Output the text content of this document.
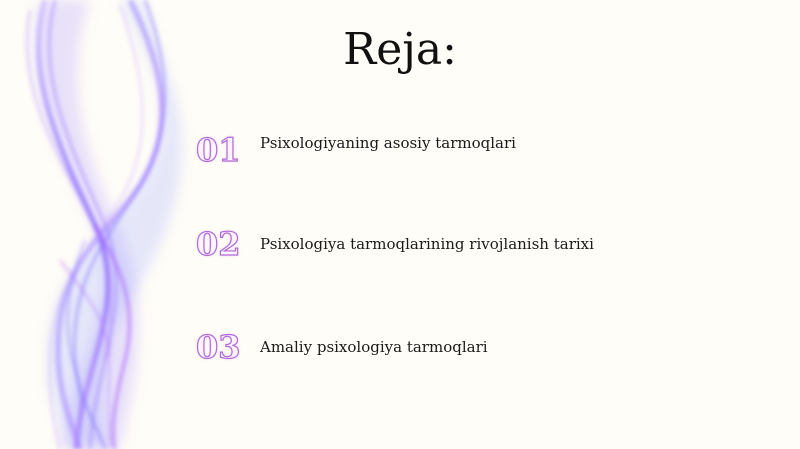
Reja:
01 Psixologiyaning asosiy tarmoqlari
02 Psixologiya tarmoqlarining rivojlanish tarixi
03 Amaliy psixologiya tarmoqlari
